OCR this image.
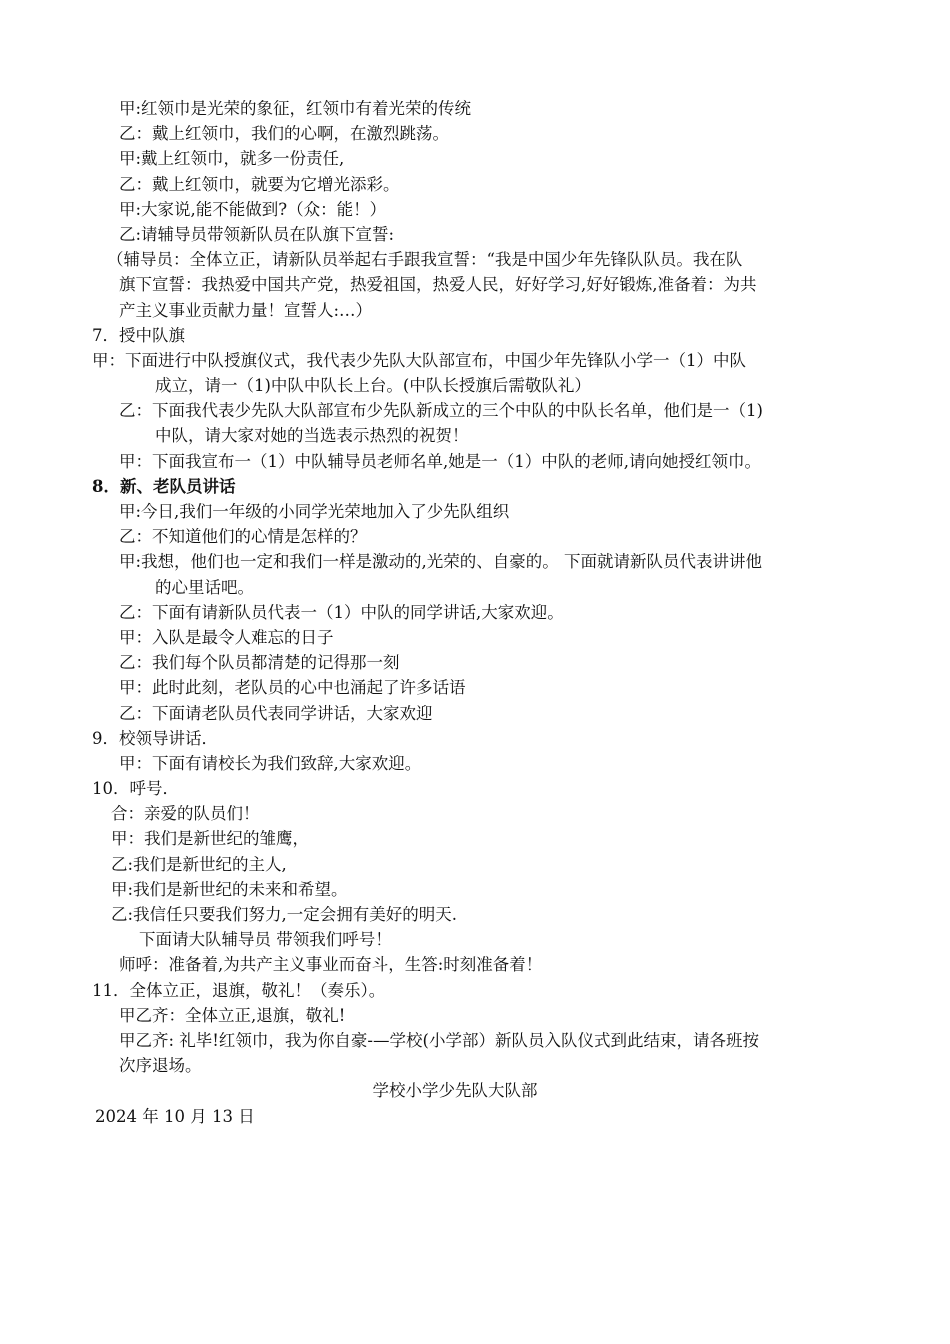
甲:红领巾是光荣的象征，红领巾有着光荣的传统
乙：戴上红领巾，我们的心啊，在激烈跳荡。
甲:戴上红领巾，就多一份责任,
乙：戴上红领巾，就要为它增光添彩。
甲:大家说,能不能做到?（众：能！）
乙:请辅导员带领新队员在队旗下宣誓:
（辅导员：全体立正，请新队员举起右手跟我宣誓：“我是中国少年先锋队队员。我在队
旗下宣誓：我热爱中国共产党，热爱祖国，热爱人民，好好学习,好好锻炼,准备着：为共
产主义事业贡献力量！宣誓人:…）
7．授中队旗
甲：下面进行中队授旗仪式，我代表少先队大队部宣布，中国少年先锋队小学一（1）中队
成立，请一（1)中队中队长上台。(中队长授旗后需敬队礼）
乙：下面我代表少先队大队部宣布少先队新成立的三个中队的中队长名单，他们是一（1)
中队，请大家对她的当选表示热烈的祝贺！
甲：下面我宣布一（1）中队辅导员老师名单,她是一（1）中队的老师,请向她授红领巾。
8．新、老队员讲话
甲:今日,我们一年级的小同学光荣地加入了少先队组织
乙：不知道他们的心情是怎样的？
甲:我想，他们也一定和我们一样是激动的,光荣的、自豪的。 下面就请新队员代表讲讲他
的心里话吧。
乙：下面有请新队员代表一（1）中队的同学讲话,大家欢迎。
甲：入队是最令人难忘的日子
乙：我们每个队员都清楚的记得那一刻
甲：此时此刻，老队员的心中也涌起了许多话语
乙：下面请老队员代表同学讲话，大家欢迎
9．校领导讲话．
甲：下面有请校长为我们致辞,大家欢迎。
10．呼号．
合：亲爱的队员们！
甲：我们是新世纪的雏鹰，
乙:我们是新世纪的主人,
甲:我们是新世纪的未来和希望。
乙:我信任只要我们努力,一定会拥有美好的明天.
下面请大队辅导员 带领我们呼号！
师呼：准备着,为共产主义事业而奋斗，生答:时刻准备着！
11．全体立正，退旗，敬礼！（奏乐）。
甲乙齐：全体立正,退旗，敬礼!
甲乙齐: 礼毕!红领巾，我为你自豪-—学校(小学部）新队员入队仪式到此结束，请各班按
次序退场。
学校小学少先队大队部
2024 年 10 月 13 日
